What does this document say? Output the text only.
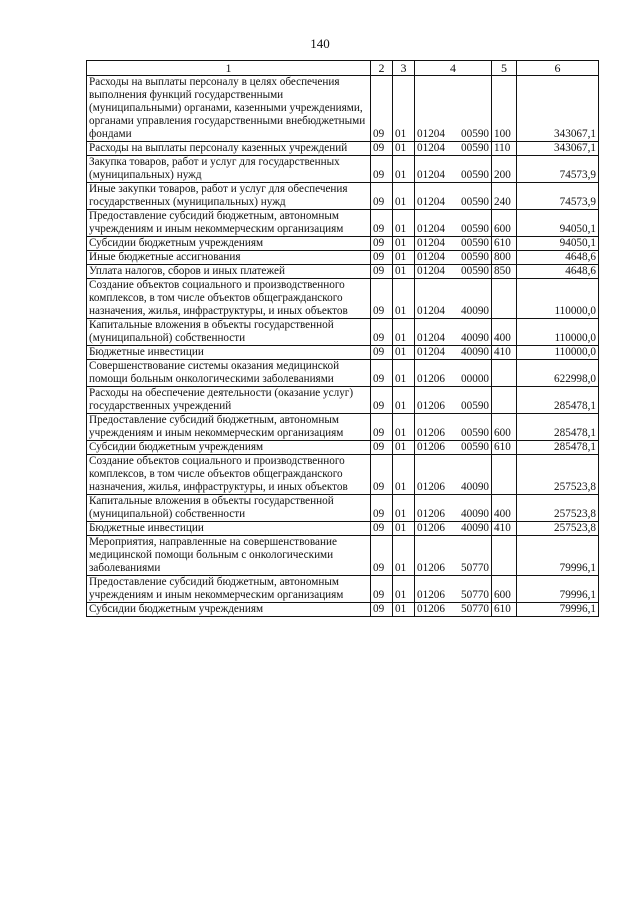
140
1	2	3	4	5	6
Расходы на выплаты персоналу в целях обеспечения выполнения функций государственными (муниципальными) органами, казенными учреждениями, органами управления государственными внебюджетными фондами	09	01	01204 00590	100	343067,1
Расходы на выплаты персоналу казенных учреждений	09	01	01204 00590	110	343067,1
Закупка товаров, работ и услуг для государственных (муниципальных) нужд	09	01	01204 00590	200	74573,9
Иные закупки товаров, работ и услуг для обеспечения государственных (муниципальных) нужд	09	01	01204 00590	240	74573,9
Предоставление субсидий бюджетным, автономным учреждениям и иным некоммерческим организациям	09	01	01204 00590	600	94050,1
Субсидии бюджетным учреждениям	09	01	01204 00590	610	94050,1
Иные бюджетные ассигнования	09	01	01204 00590	800	4648,6
Уплата налогов, сборов и иных платежей	09	01	01204 00590	850	4648,6
Создание объектов социального и производственного комплексов, в том числе объектов общегражданского назначения, жилья, инфраструктуры, и иных объектов	09	01	01204 40090		110000,0
Капитальные вложения в объекты государственной (муниципальной) собственности	09	01	01204 40090	400	110000,0
Бюджетные инвестиции	09	01	01204 40090	410	110000,0
Совершенствование системы оказания медицинской помощи больным онкологическими заболеваниями	09	01	01206 00000		622998,0
Расходы на обеспечение деятельности (оказание услуг) государственных учреждений	09	01	01206 00590		285478,1
Предоставление субсидий бюджетным, автономным учреждениям и иным некоммерческим организациям	09	01	01206 00590	600	285478,1
Субсидии бюджетным учреждениям	09	01	01206 00590	610	285478,1
Создание объектов социального и производственного комплексов, в том числе объектов общегражданского назначения, жилья, инфраструктуры, и иных объектов	09	01	01206 40090		257523,8
Капитальные вложения в объекты государственной (муниципальной) собственности	09	01	01206 40090	400	257523,8
Бюджетные инвестиции	09	01	01206 40090	410	257523,8
Мероприятия, направленные на совершенствование медицинской помощи больным с онкологическими заболеваниями	09	01	01206 50770		79996,1
Предоставление субсидий бюджетным, автономным учреждениям и иным некоммерческим организациям	09	01	01206 50770	600	79996,1
Субсидии бюджетным учреждениям	09	01	01206 50770	610	79996,1
